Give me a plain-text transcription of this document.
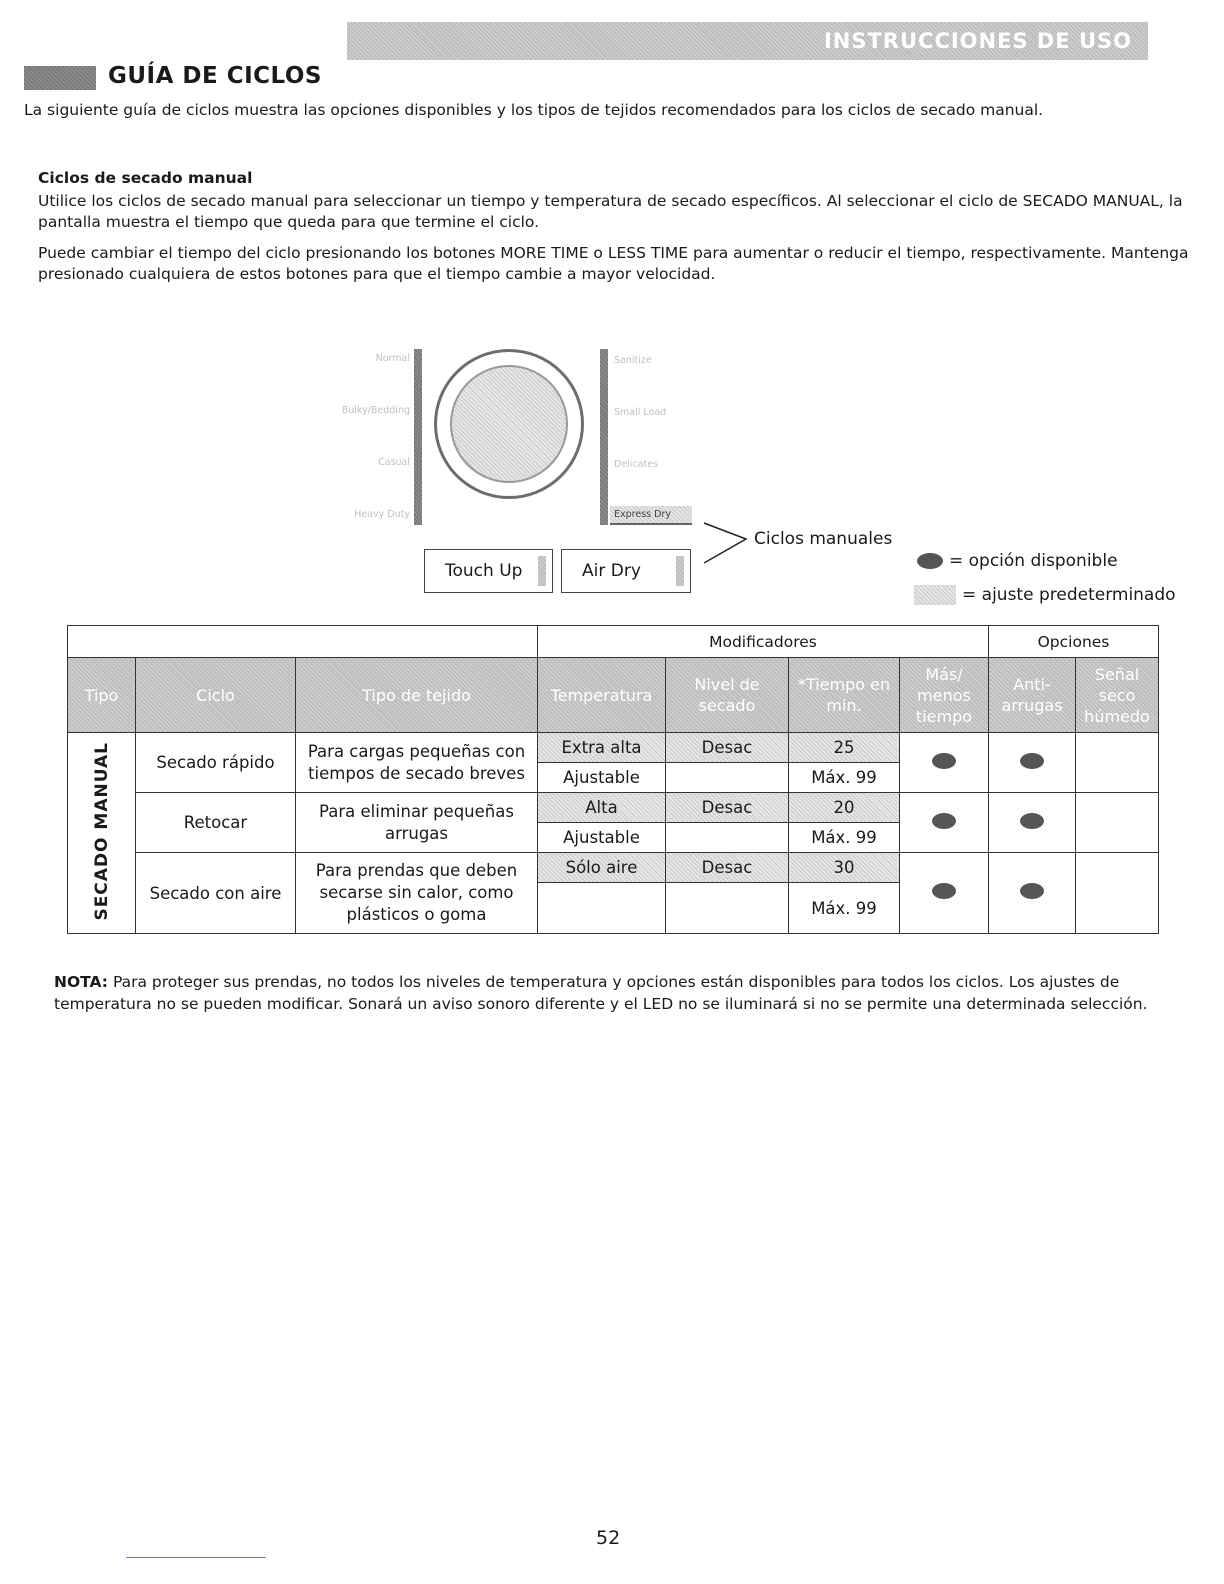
INSTRUCCIONES DE USO
GUÍA DE CICLOS
La siguiente guía de ciclos muestra las opciones disponibles y los tipos de tejidos recomendados para los ciclos de secado manual.
Ciclos de secado manual
Utilice los ciclos de secado manual para seleccionar un tiempo y temperatura de secado específicos. Al seleccionar el ciclo de SECADO MANUAL, la pantalla muestra el tiempo que queda para que termine el ciclo.
Puede cambiar el tiempo del ciclo presionando los botones MORE TIME o LESS TIME para aumentar o reducir el tiempo, respectivamente. Mantenga presionado cualquiera de estos botones para que el tiempo cambie a mayor velocidad.
Normal
Bulky/Bedding
Casual
Heavy Duty
Sanitize
Small Load
Delicates
Express Dry
Touch Up	Air Dry
Ciclos manuales
= opción disponible
= ajuste predeterminado
			Modificadores				Opciones	
Tipo	Ciclo	Tipo de tejido	Temperatura	Nivel de secado	*Tiempo en min.	Más/ menos tiempo	Anti- arrugas	Señal seco húmedo
SECADO MANUAL	Secado rápido	Para cargas pequeñas con tiempos de secado breves	Extra alta	Desac	25			
			Ajustable		Máx. 99			
	Retocar	Para eliminar pequeñas arrugas	Alta	Desac	20			
			Ajustable		Máx. 99			
	Secado con aire	Para prendas que deben secarse sin calor, como plásticos o goma	Sólo aire	Desac	30			
					Máx. 99			
NOTA: Para proteger sus prendas, no todos los niveles de temperatura y opciones están disponibles para todos los ciclos. Los ajustes de temperatura no se pueden modificar. Sonará un aviso sonoro diferente y el LED no se iluminará si no se permite una determinada selección.
52
